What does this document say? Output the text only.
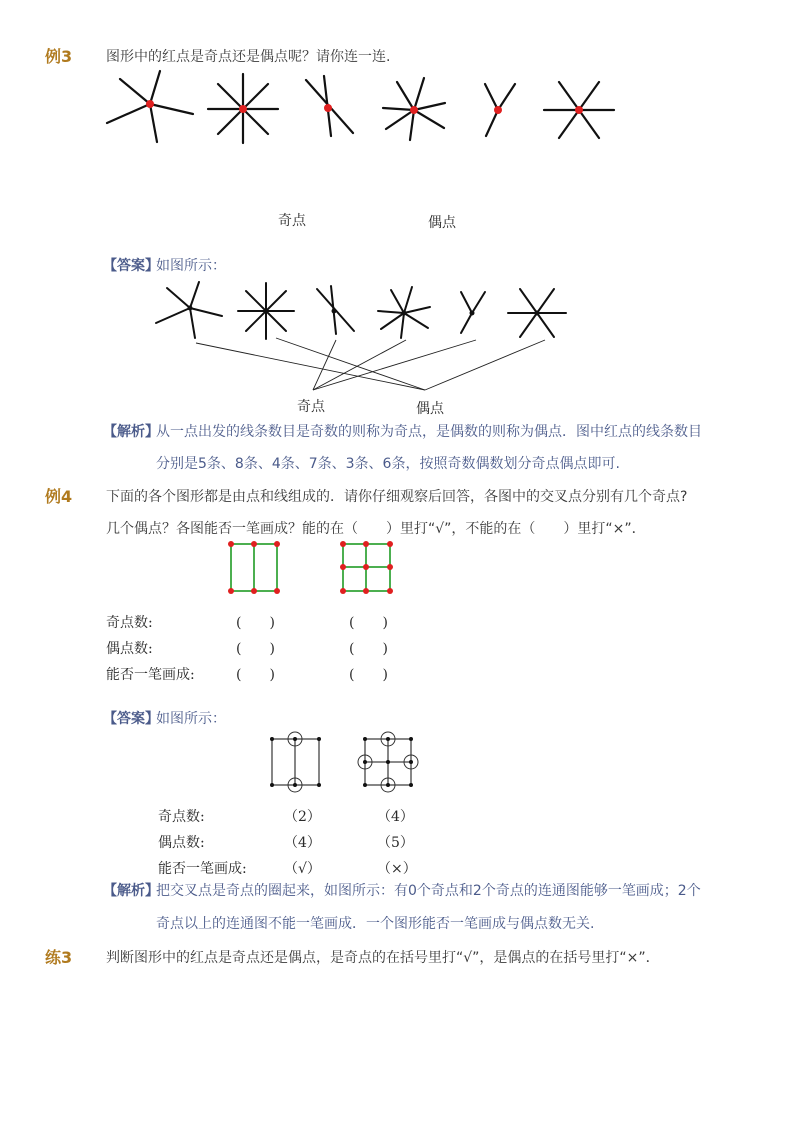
例3 图形中的红点是奇点还是偶点呢？请你连一连.
奇点	偶点
【答案】
如图所示：
奇点	偶点
【解析】
从一点出发的线条数目是奇数的则称为奇点，是偶数的则称为偶点．图中红点的线条数目
分别是5条、8条、4条、7条、3条、6条，按照奇数偶数划分奇点偶点即可.
例4 下面的各个图形都是由点和线组成的．请你仔细观察后回答，各图中的交叉点分别有几个奇点?
几个偶点？各图能否一笔画成？能的在（　　）里打“√”，不能的在（　　）里打“×”．
奇点数:	(　　)	(　　)
偶点数:	(　　)	(　　)
能否一笔画成:	(　　)	(　　)
【答案】
如图所示：
奇点数:	（2）	（4）
偶点数:	（4）	（5）
能否一笔画成:	（√）	（×）
【解析】
把交叉点是奇点的圈起来，如图所示：有0个奇点和2个奇点的连通图能够一笔画成；2个
奇点以上的连通图不能一笔画成．一个图形能否一笔画成与偶点数无关.
练3 判断图形中的红点是奇点还是偶点，是奇点的在括号里打“√”，是偶点的在括号里打“×”．
